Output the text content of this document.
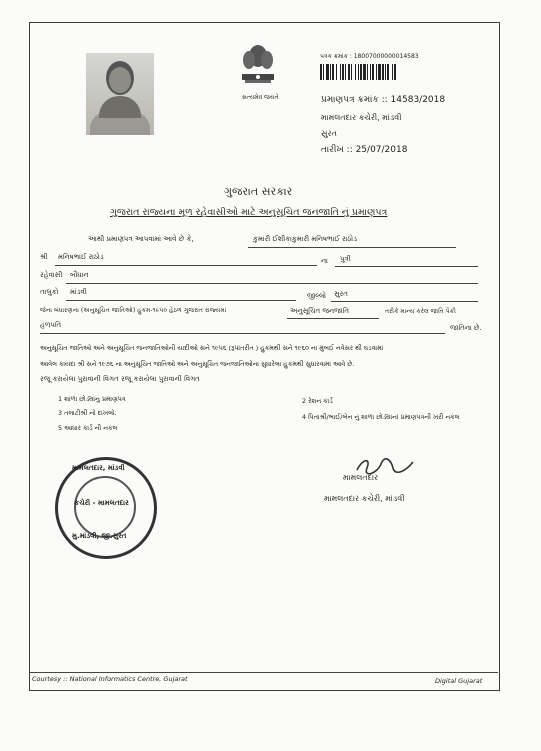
સત્યમેવ જયતે
પત્રક ક્રમાંક : 18007000000014583
પ્રમાણપત્ર ક્રમાંક :: 14583/2018
મામલતદાર કચેરી, માંડવી
સુરત
તારીખ :: 25/07/2018
ગુજરાત સરકાર
ગુજરાત રાજ્યના મૂળ રહેવાસીઓ માટે અનુસૂચિત જનજાતિ નું પ્રમાણપત્ર
આથી પ્રમાણપત્ર આપવામાં આવે છે કે,	કુમારી ઈશીકાકુમારી મનિષભાઈ રાઠોડ
શ્રી મનિષભાઈ રાઠોડ	ના પુત્રી
રહેવાસી બૌધાન
તાલુકો માંડવી	જીલ્લો સુરત
જેના બંધારણના (અનુસૂચિત જાતિઓ) હુકમ-૧૯૫૦ હેઠળ ગુજરાત રાજ્યમાં	અનુસૂચિત જનજાતિ	તરીકે માન્ય કરેલ જાતિ પૈકી
હળપતિ	જાતિના છે.
અનુસૂચિત જાતિઓ અને અનુસૂચિત જનજાતિઓની યાદીઓ સને ૧૯૫૬ (રૂપાંતરીત ) હુકમથી સને ૧૯૬૦ ના મુંબઈ નવેસર થી ઘડવામાં
આવેલ કાયદા શ્રી સને ૧૯૭૬ ના અનુસૂચિત જાતિઓ અને અનુસૂચિત જનજાતિઓના સુધારેલા હુકમથી સુધારવામાં આવે છે.
રજૂ કરાયેલા પુરાવાની વિગત રજૂ કરાયેલા પુરાવાની વિગત
1 શાળા છોડ્યાનુ પ્રમાણપત્ર	2 રેશન કાર્ડ
3 તલાટીશ્રી નો દાખલો.	4 પિતાશ્રી/ભાઈ/બેન નું શાળા છોડ્યાનાં પ્રમાણપત્રની ખરી નકલ
5 આધાર કાર્ડ ની નકલ
મામલતદાર, માંડવી
કચેરી - મામલતદાર
મુ.માંડવી, જી.સુરત
મામલતદાર
મામલતદાર કચેરી, માંડવી
Courtesy :: National Informatics Centre, Gujarat	Digital Gujarat
